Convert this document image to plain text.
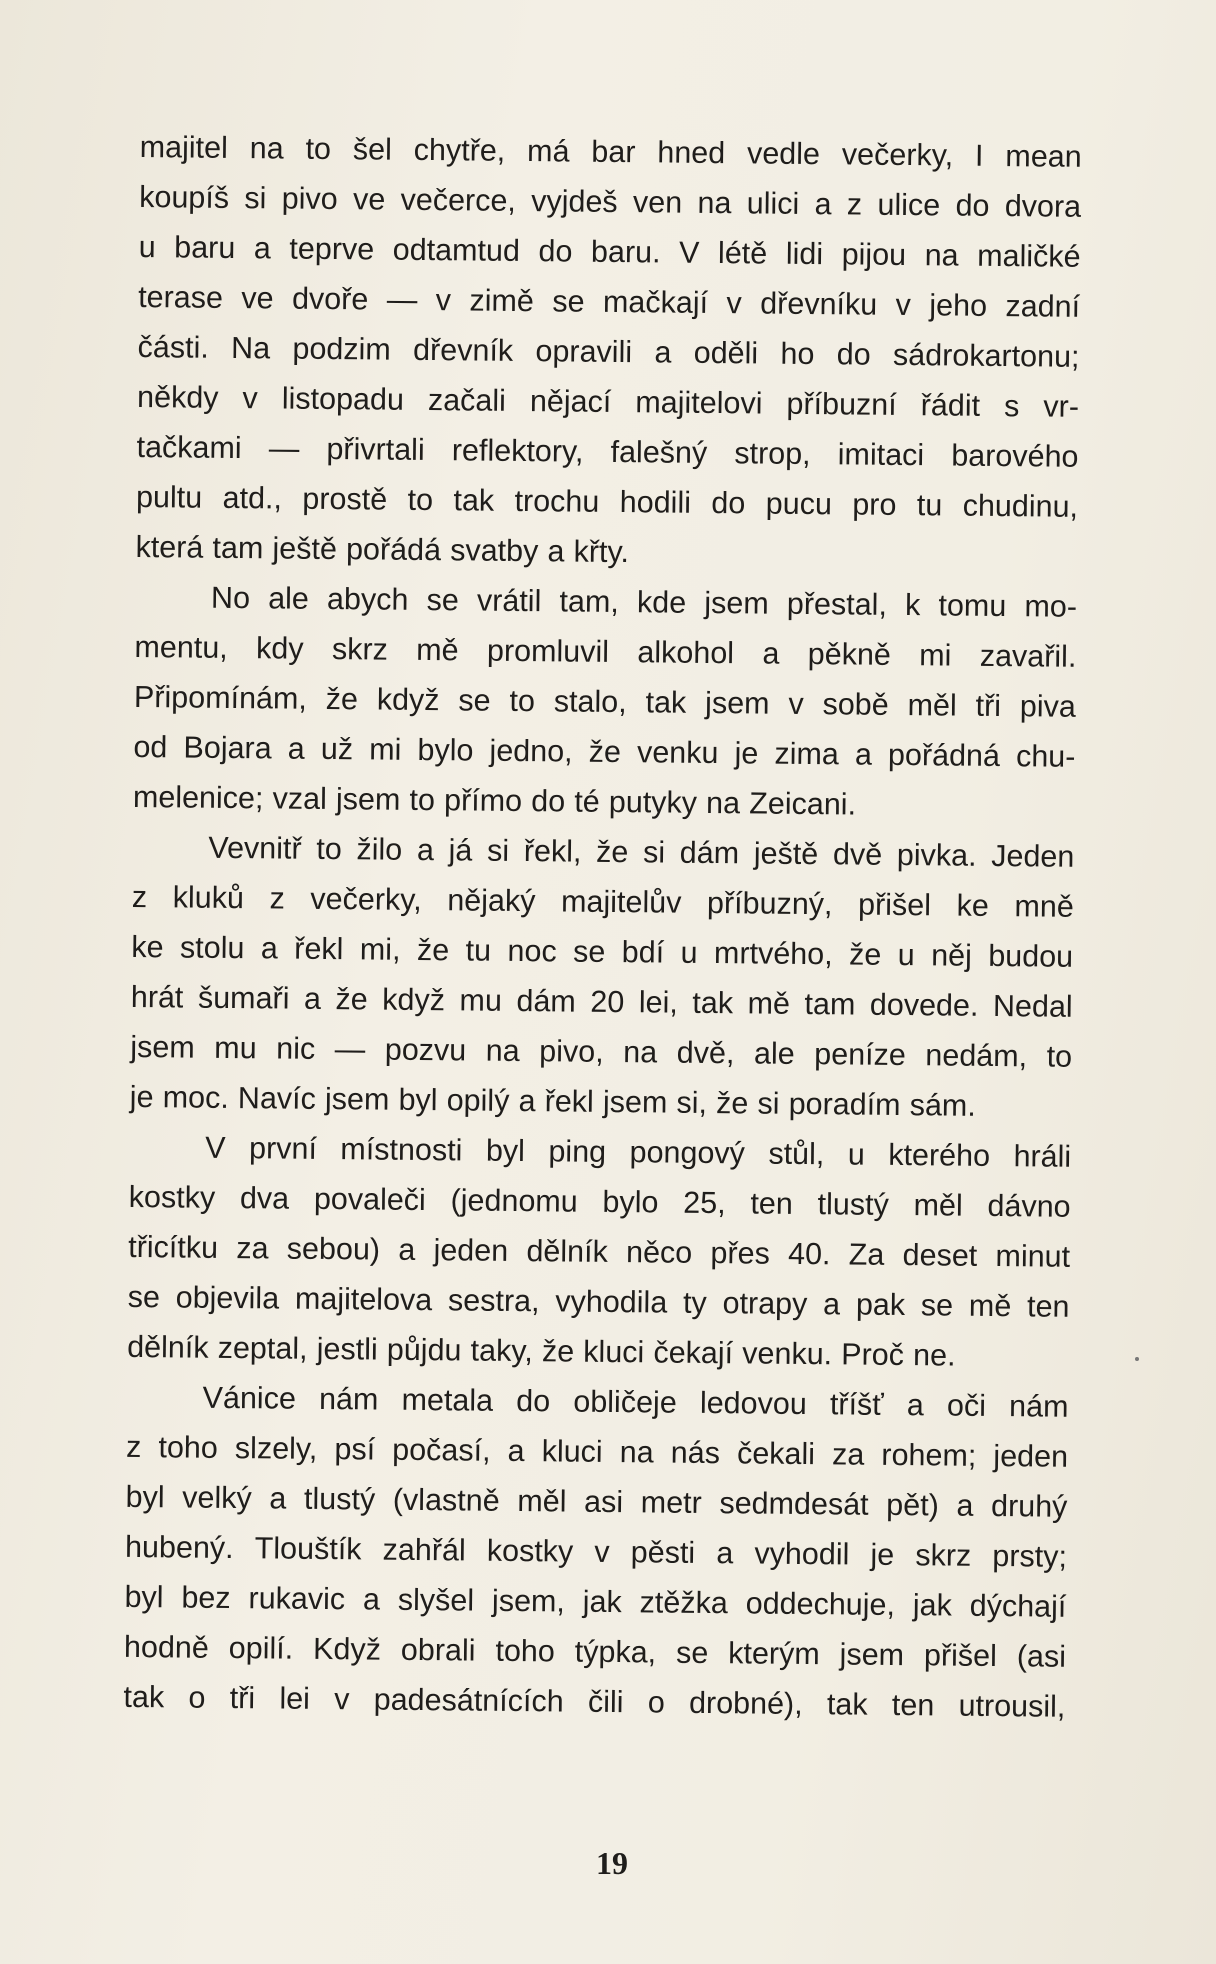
majitel na to šel chytře, má bar hned vedle večerky, I mean
koupíš si pivo ve večerce, vyjdeš ven na ulici a z ulice do dvora
u baru a teprve odtamtud do baru. V létě lidi pijou na maličké
terase ve dvoře — v zimě se mačkají v dřevníku v jeho zadní
části. Na podzim dřevník opravili a oděli ho do sádrokartonu;
někdy v listopadu začali nějací majitelovi příbuzní řádit s vr-
tačkami — přivrtali reflektory, falešný strop, imitaci barového
pultu atd., prostě to tak trochu hodili do pucu pro tu chudinu,
která tam ještě pořádá svatby a křty.
No ale abych se vrátil tam, kde jsem přestal, k tomu mo-
mentu, kdy skrz mě promluvil alkohol a pěkně mi zavařil.
Připomínám, že když se to stalo, tak jsem v sobě měl tři piva
od Bojara a už mi bylo jedno, že venku je zima a pořádná chu-
melenice; vzal jsem to přímo do té putyky na Zeicani.
Vevnitř to žilo a já si řekl, že si dám ještě dvě pivka. Jeden
z kluků z večerky, nějaký majitelův příbuzný, přišel ke mně
ke stolu a řekl mi, že tu noc se bdí u mrtvého, že u něj budou
hrát šumaři a že když mu dám 20 lei, tak mě tam dovede. Nedal
jsem mu nic — pozvu na pivo, na dvě, ale peníze nedám, to
je moc. Navíc jsem byl opilý a řekl jsem si, že si poradím sám.
V první místnosti byl ping pongový stůl, u kterého hráli
kostky dva povaleči (jednomu bylo 25, ten tlustý měl dávno
třicítku za sebou) a jeden dělník něco přes 40. Za deset minut
se objevila majitelova sestra, vyhodila ty otrapy a pak se mě ten
dělník zeptal, jestli půjdu taky, že kluci čekají venku. Proč ne.
Vánice nám metala do obličeje ledovou tříšť a oči nám
z toho slzely, psí počasí, a kluci na nás čekali za rohem; jeden
byl velký a tlustý (vlastně měl asi metr sedmdesát pět) a druhý
hubený. Tlouštík zahřál kostky v pěsti a vyhodil je skrz prsty;
byl bez rukavic a slyšel jsem, jak ztěžka oddechuje, jak dýchají
hodně opilí. Když obrali toho týpka, se kterým jsem přišel (asi
tak o tři lei v padesátnících čili o drobné), tak ten utrousil,
19
